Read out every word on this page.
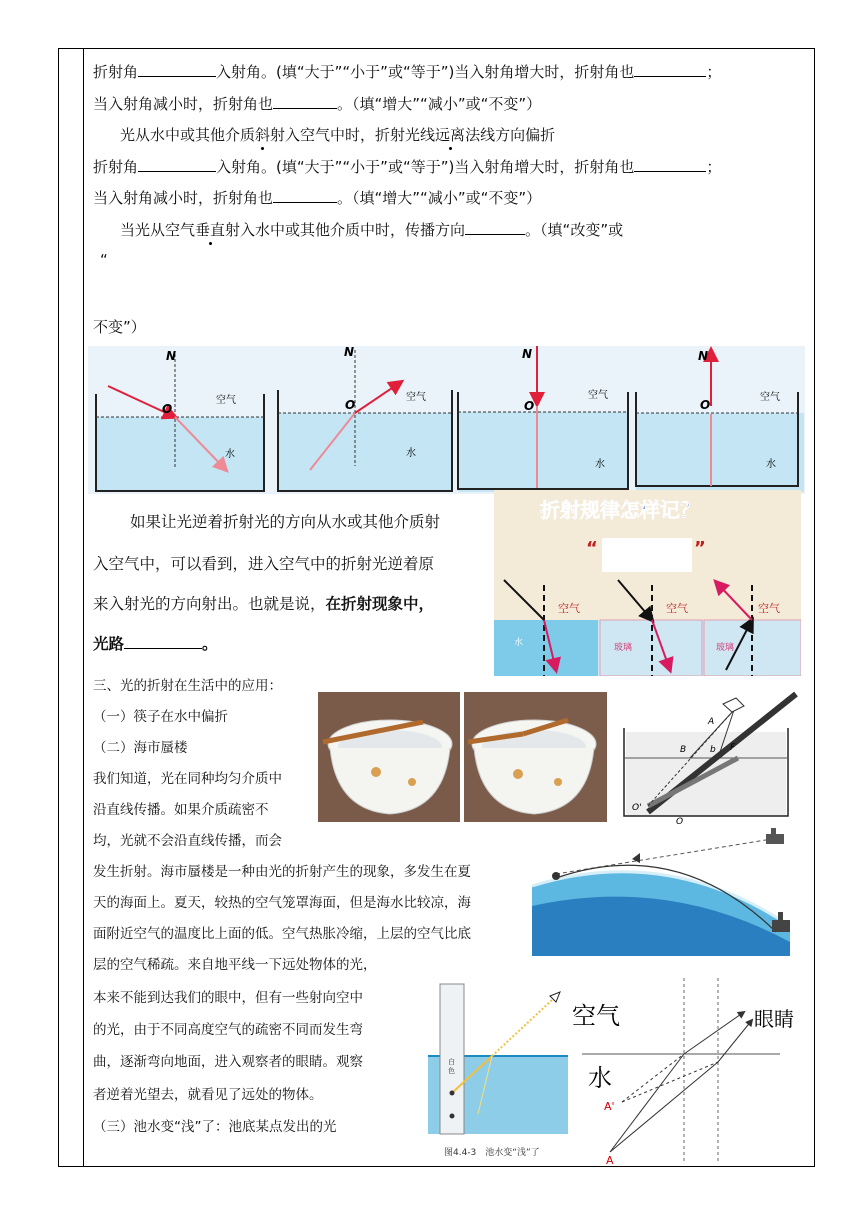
折射角	入射角。(填“大于”“小于”或“等于”)当入射角增大时，折射角也	；
当入射角减小时，折射角也	。（填“增大”“减小”或“不变”）
光从水中或其他介质斜射入空气中时，折射光线远离法线方向偏折
折射角	入射角。(填“大于”“小于”或“等于”)当入射角增大时，折射角也	；
当入射角减小时，折射角也	。（填“增大”“减小”或“不变”）
当光从空气垂直射入水中或其他介质中时，传播方向	。（填“改变”或
“
不变”）
N
O
空气
水
N
O
空气
水
N
O
空气
水
N
O
空气
水
如果让光逆着折射光的方向从水或其他介质射
入空气中，可以看到，进入空气中的折射光逆着原
来入射光的方向射出。也就是说，在折射现象中，
光路	。
折射规律怎样记？
“	”
空气	空气	空气
水	玻璃	玻璃
三、光的折射在生活中的应用：
（一）筷子在水中偏折
（二）海市蜃楼
我们知道，光在同种均匀介质中
沿直线传播。如果介质疏密不
均，光就不会沿直线传播，而会
发生折射。海市蜃楼是一种由光的折射产生的现象，多发生在夏
天的海面上。夏天，较热的空气笼罩海面，但是海水比较凉，海
面附近空气的温度比上面的低。空气热胀冷缩，上层的空气比底
层的空气稀疏。来自地平线一下远处物体的光，
本来不能到达我们的眼中，但有一些射向空中
的光，由于不同高度空气的疏密不同而发生弯
曲，逐渐弯向地面，进入观察者的眼睛。观察
者逆着光望去，就看见了远处的物体。
（三）池水变“浅”了：池底某点发出的光
A
B	b F
O'
O
白
色
图4.4-3　池水变“浅”了
空气	眼睛
水
A'
A
